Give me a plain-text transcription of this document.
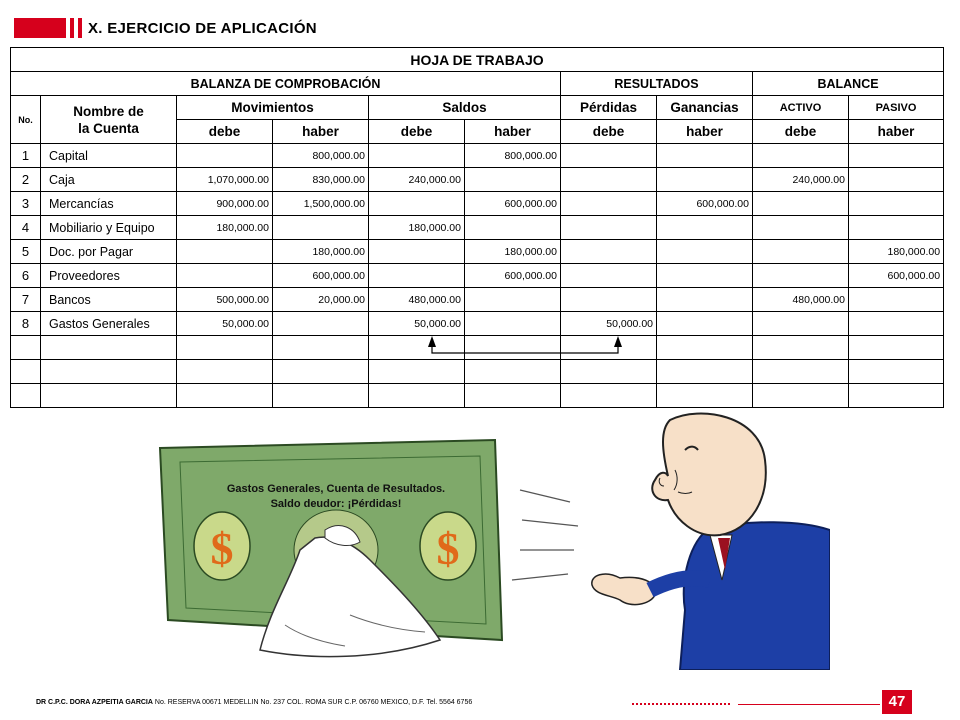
X. EJERCICIO DE APLICACIÓN
HOJA DE TRABAJO									
BALANZA DE COMPROBACIÓN						RESULTADOS		BALANCE	
No.	Nombre de
la Cuenta	Movimientos		Saldos		Pérdidas	Ganancias	ACTIVO	PASIVO
		debe	haber	debe	haber	debe	haber	debe	haber
1	Capital		800,000.00		800,000.00				
2	Caja	1,070,000.00	830,000.00	240,000.00				240,000.00	
3	Mercancías	900,000.00	1,500,000.00		600,000.00		600,000.00		
4	Mobiliario y Equipo	180,000.00		180,000.00					
5	Doc. por Pagar		180,000.00		180,000.00				180,000.00
6	Proveedores		600,000.00		600,000.00				600,000.00
7	Bancos	500,000.00	20,000.00	480,000.00				480,000.00	
8	Gastos Generales	50,000.00		50,000.00		50,000.00			

Gastos Generales, Cuenta de Resultados.
Saldo deudor: ¡Pérdidas!
$	$
DR C.P.C. DORA AZPEITIA GARCIA No. RESERVA 00671 MEDELLIN No. 237 COL. ROMA SUR C.P. 06760 MEXICO, D.F. Tel. 5564 6756	47
